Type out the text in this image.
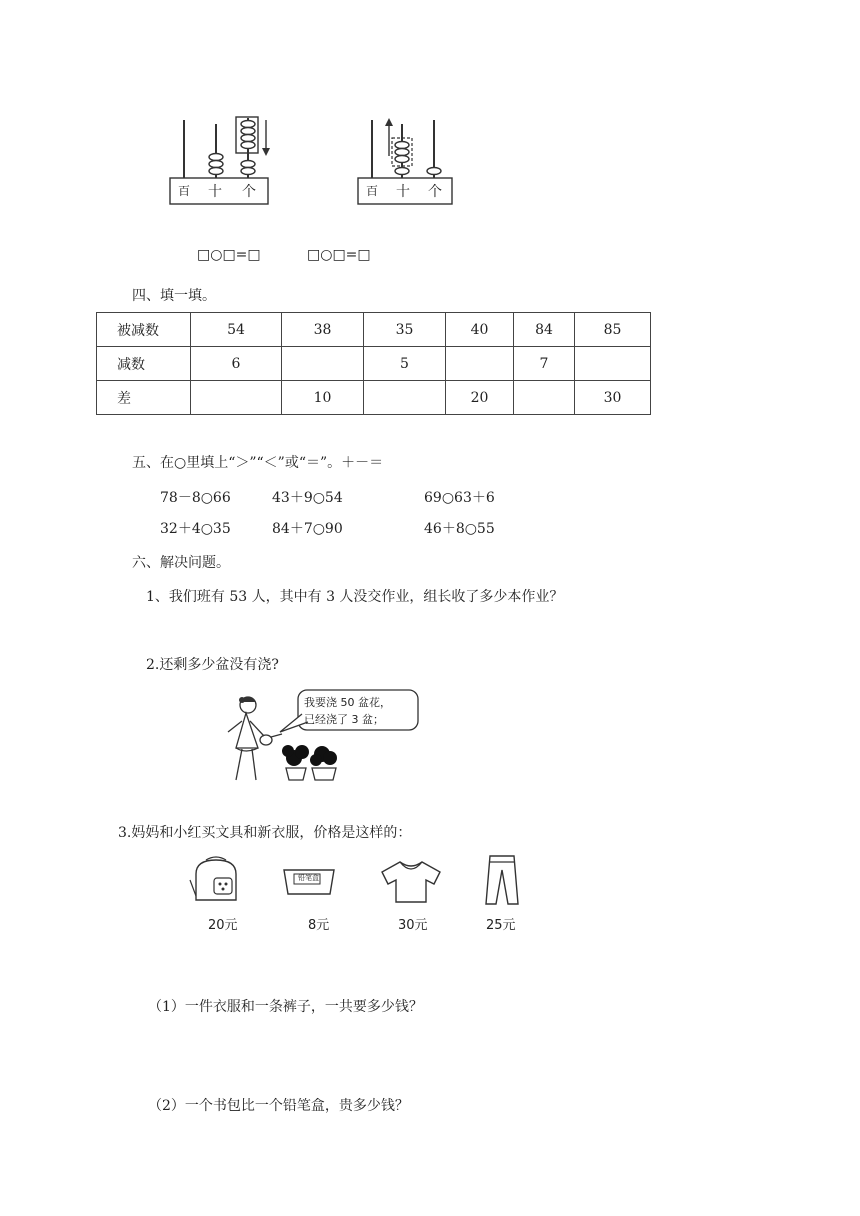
百 十 个	百 十 个
□○□=□	□○□=□
四、填一填。
被减数	54	38	35	40	84	85
减数	6		5		7	
差		10		20		30
五、在○里填上“＞”“＜”或“＝”。＋－＝
78－8○66	43＋9○54	69○63＋6
32＋4○35	84＋7○90	46＋8○55
六、解决问题。
1、我们班有 53 人，其中有 3 人没交作业，组长收了多少本作业？
2.还剩多少盆没有浇?
我要浇 50 盆花，
已经浇了 3 盆；
3.妈妈和小红买文具和新衣服，价格是这样的：
铅笔盒
20元	8元	30元	25元
（1）一件衣服和一条裤子，一共要多少钱？
（2）一个书包比一个铅笔盒，贵多少钱？
